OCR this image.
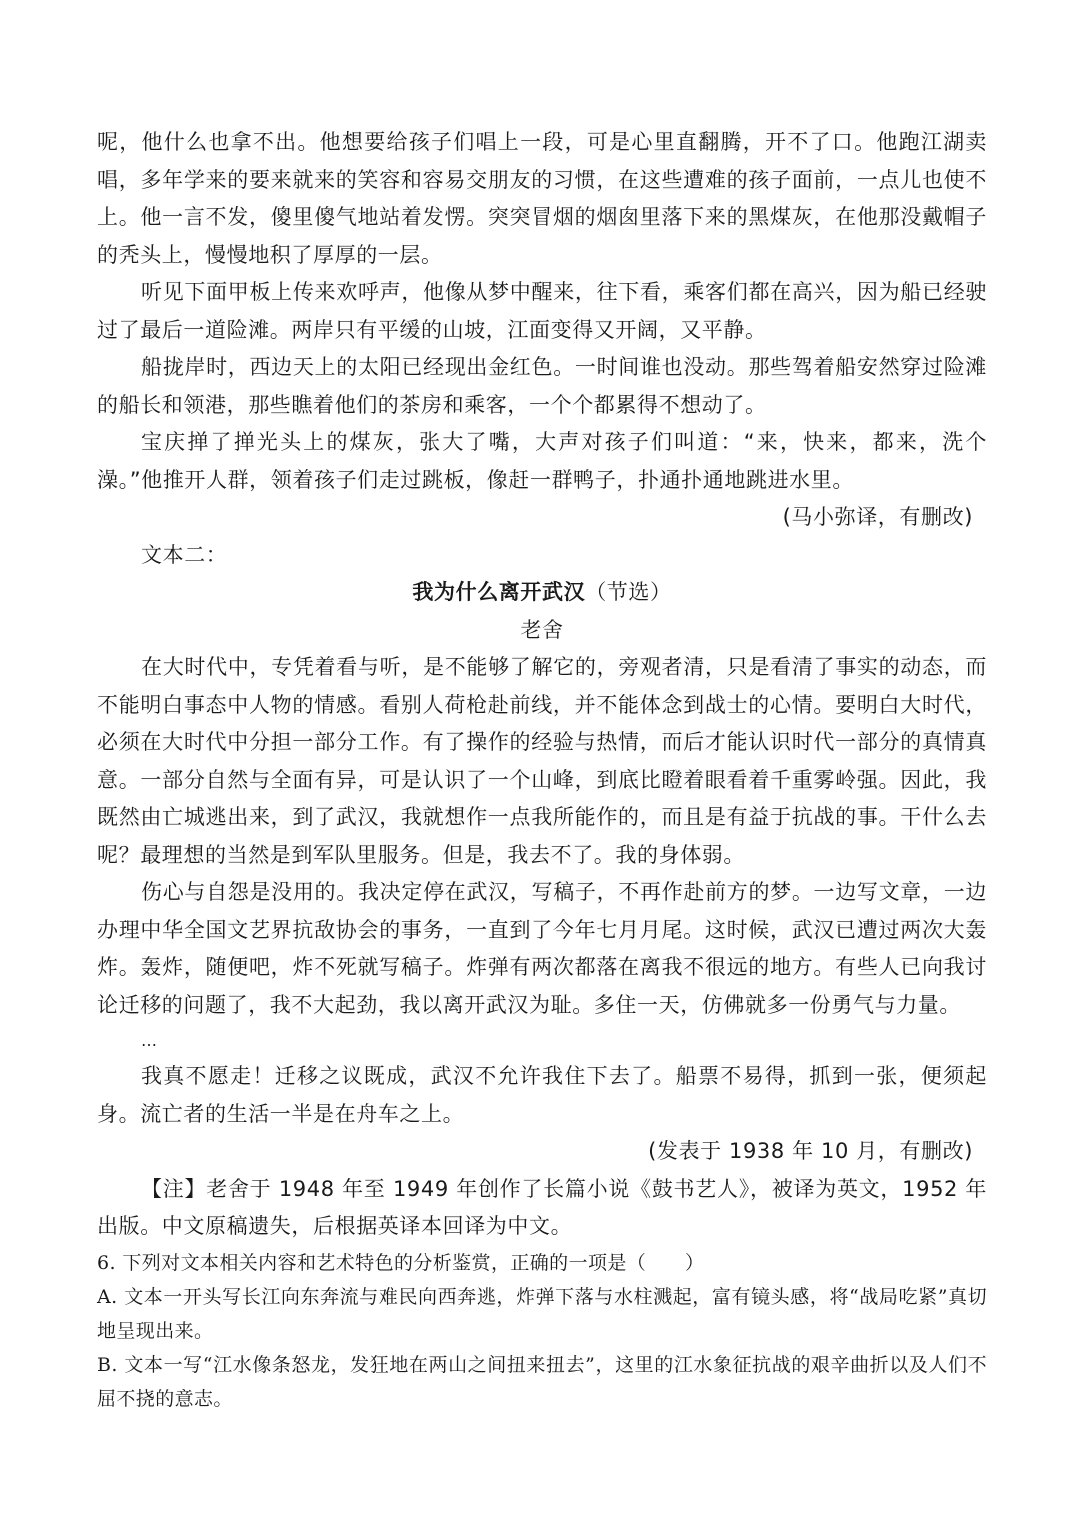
呢，他什么也拿不出。他想要给孩子们唱上一段，可是心里直翻腾，开不了口。他跑江湖卖唱，多年学来的要来就来的笑容和容易交朋友的习惯，在这些遭难的孩子面前，一点儿也使不上。他一言不发，傻里傻气地站着发愣。突突冒烟的烟囱里落下来的黑煤灰，在他那没戴帽子的秃头上，慢慢地积了厚厚的一层。

听见下面甲板上传来欢呼声，他像从梦中醒来，往下看，乘客们都在高兴，因为船已经驶过了最后一道险滩。两岸只有平缓的山坡，江面变得又开阔，又平静。

船拢岸时，西边天上的太阳已经现出金红色。一时间谁也没动。那些驾着船安然穿过险滩的船长和领港，那些瞧着他们的茶房和乘客，一个个都累得不想动了。

宝庆掸了掸光头上的煤灰，张大了嘴，大声对孩子们叫道：“来，快来，都来，洗个澡。”他推开人群，领着孩子们走过跳板，像赶一群鸭子，扑通扑通地跳进水里。

(马小弥译，有删改)

文本二：

我为什么离开武汉（节选）

老舍

在大时代中，专凭着看与听，是不能够了解它的，旁观者清，只是看清了事实的动态，而不能明白事态中人物的情感。看别人荷枪赴前线，并不能体念到战士的心情。要明白大时代，必须在大时代中分担一部分工作。有了操作的经验与热情，而后才能认识时代一部分的真情真意。一部分自然与全面有异，可是认识了一个山峰，到底比瞪着眼看着千重雾岭强。因此，我既然由亡城逃出来，到了武汉，我就想作一点我所能作的，而且是有益于抗战的事。干什么去呢？最理想的当然是到军队里服务。但是，我去不了。我的身体弱。

伤心与自怨是没用的。我决定停在武汉，写稿子，不再作赴前方的梦。一边写文章，一边办理中华全国文艺界抗敌协会的事务，一直到了今年七月月尾。这时候，武汉已遭过两次大轰炸。轰炸，随便吧，炸不死就写稿子。炸弹有两次都落在离我不很远的地方。有些人已向我讨论迁移的问题了，我不大起劲，我以离开武汉为耻。多住一天，仿佛就多一份勇气与力量。

…

我真不愿走！迁移之议既成，武汉不允许我住下去了。船票不易得，抓到一张，便须起身。流亡者的生活一半是在舟车之上。

(发表于 1938 年 10 月，有删改)

【注】老舍于 1948 年至 1949 年创作了长篇小说《鼓书艺人》，被译为英文，1952 年出版。中文原稿遗失，后根据英译本回译为中文。

6. 下列对文本相关内容和艺术特色的分析鉴赏，正确的一项是（　　）

A. 文本一开头写长江向东奔流与难民向西奔逃，炸弹下落与水柱溅起，富有镜头感，将“战局吃紧”真切地呈现出来。

B. 文本一写“江水像条怒龙，发狂地在两山之间扭来扭去”，这里的江水象征抗战的艰辛曲折以及人们不屈不挠的意志。
